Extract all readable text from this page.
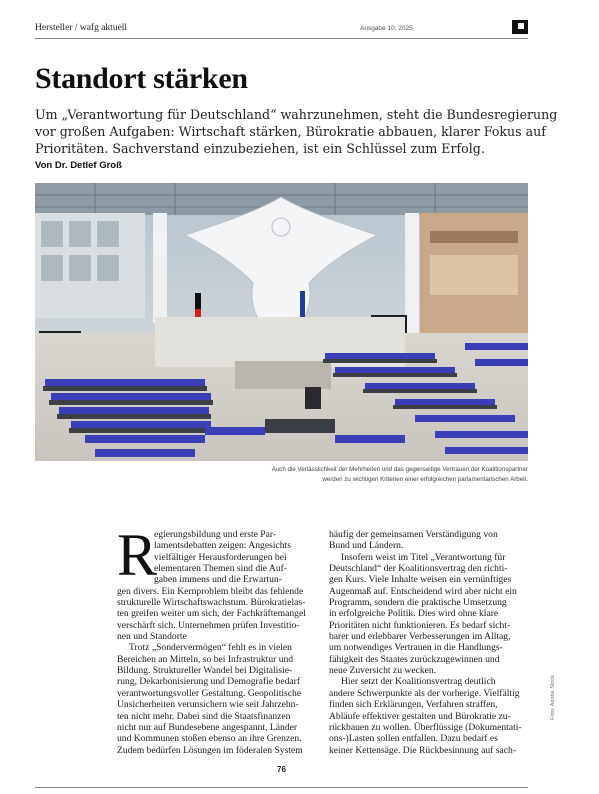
Hersteller / wafg aktuell	Ausgabe 10, 2025
Standort stärken

Um „Verantwortung für Deutschland“ wahrzunehmen, steht die Bundesregierung
vor großen Aufgaben: Wirtschaft stärken, Bürokratie abbauen, klarer Fokus auf
Prioritäten. Sachverstand einzubeziehen, ist ein Schlüssel zum Erfolg.

Von Dr. Detlef Groß
Auch die Verlässlichkeit der Mehrheiten und das gegenseitige Vertrauen der Koalitionspartner
werden zu wichtigen Kriterien einer erfolgreichen parlamentarischen Arbeit.
R
egierungsbildung und erste Par-
lamentsdebatten zeigen: Angesichts
vielfältiger Herausforderungen bei
elementaren Themen sind die Auf-
gaben immens und die Erwartun-
gen divers. Ein Kernproblem bleibt das fehlende
strukturelle Wirtschaftswachstum. Bürokratielas-
ten greifen weiter um sich, der Fachkräftemangel
verschärft sich. Unternehmen prüfen Investitio-
nen und Standorte
Trotz „Sondervermögen“ fehlt es in vielen
Bereichen an Mitteln, so bei Infrastruktur und
Bildung. Struktureller Wandel bei Digitalisie-
rung, Dekarbonisierung und Demografie bedarf
verantwortungsvoller Gestaltung. Geopolitische
Unsicherheiten verunsichern wie seit Jahrzehn-
ten nicht mehr. Dabei sind die Staatsfinanzen
nicht nur auf Bundesebene angespannt, Länder
und Kommunen stoßen ebenso an ihre Grenzen.
Zudem bedürfen Lösungen im föderalen System
häufig der gemeinsamen Verständigung von
Bund und Ländern.
Insofern weist im Titel „Verantwortung für
Deutschland“ der Koalitionsvertrag den richti-
gen Kurs. Viele Inhalte weisen ein vernünftiges
Augenmaß auf. Entscheidend wird aber nicht ein
Programm, sondern die praktische Umsetzung
in erfolgreiche Politik. Dies wird ohne klare
Prioritäten nicht funktionieren. Es bedarf sicht-
barer und erlebbarer Verbesserungen im Alltag,
um notwendiges Vertrauen in die Handlungs-
fähigkeit des Staates zurückzugewinnen und
neue Zuversicht zu wecken.
Hier setzt der Koalitionsvertrag deutlich
andere Schwerpunkte als der vorherige. Vielfältig
finden sich Erklärungen, Verfahren straffen,
Abläufe effektiver gestalten und Bürokratie zu-
rückbauen zu wollen. Überflüssige (Dokumentati-
ons-)Lasten sollen entfallen. Dazu bedarf es
keiner Kettensäge. Die Rückbesinnung auf sach-
Foto: Adobe Stock
76
